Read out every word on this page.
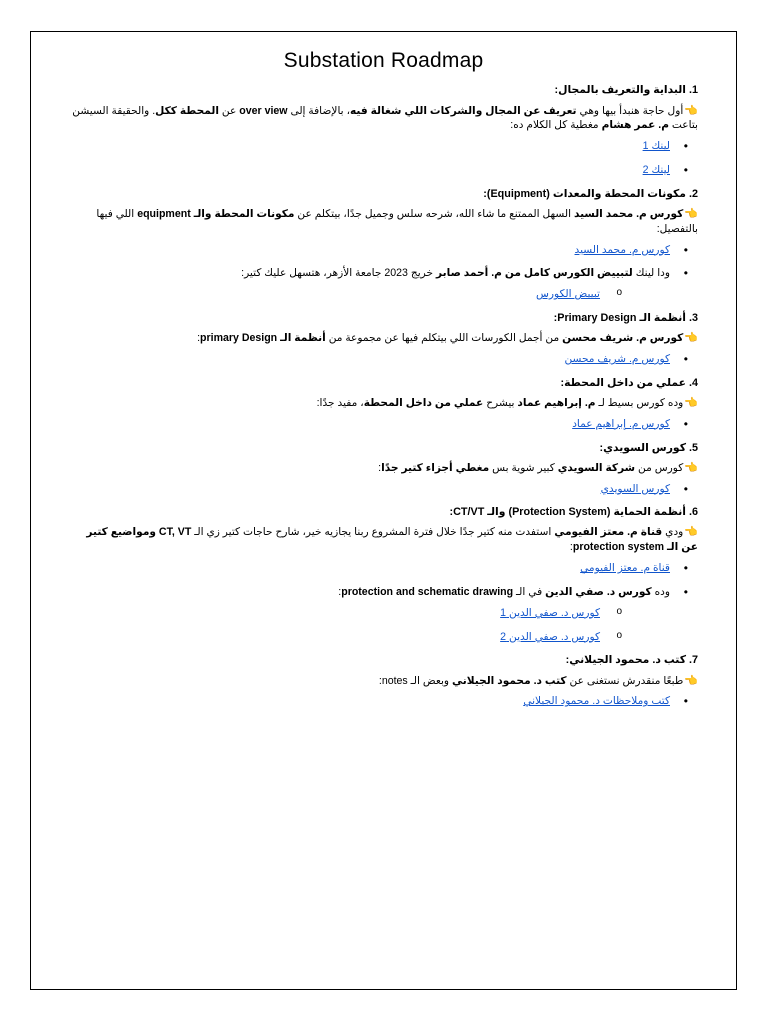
Substation Roadmap
1. البداية والتعريف بالمجال:

👈أول حاجة هنبدأ بيها وهي تعريف عن المجال والشركات اللي شغالة فيه، بالإضافة إلى over view عن المحطة ككل. والحقيقة السيشن بتاعت م. عمر هشام مغطية كل الكلام ده:

• لينك 1
• لينك 2
2. مكونات المحطة والمعدات (Equipment):

👈كورس م. محمد السيد السهل الممتنع ما شاء الله، شرحه سلس وجميل جدًا، بيتكلم عن مكونات المحطة والـ equipment اللي فيها بالتفصيل:

• كورس م. محمد السيد
• ودا لينك لتبييض الكورس كامل من م. أحمد صابر خريج 2023 جامعة الأزهر، هتسهل عليك كتير:
o تبييض الكورس
3. أنظمة الـ Primary Design:

👈كورس م. شريف محسن من أجمل الكورسات اللي بيتكلم فيها عن مجموعة من أنظمة الـ primary Design:

• كورس م. شريف محسن
4. عملي من داخل المحطة:

👈وده كورس بسيط لـ م. إبراهيم عماد بيشرح عملي من داخل المحطة، مفيد جدًا:

• كورس م. إبراهيم عماد
5. كورس السويدي:

👈كورس من شركة السويدي كبير شوية بس مغطي أجزاء كتير جدًا:

• كورس السويدي
6. أنظمة الحماية (Protection System) والـ CT/VT:

👈ودي قناة م. معتز الفيومي استفدت منه كتير جدًا خلال فترة المشروع ربنا يجازيه خير، شارح حاجات كتير زي الـ CT, VT ومواضيع كتير عن الـ protection system:

• قناة م. معتز الفيومي
• وده كورس د. صفي الدين في الـ protection and schematic drawing:
o كورس د. صفي الدين 1
o كورس د. صفي الدين 2
7. كتب د. محمود الجيلاني:

👈طبعًا منقدرش نستغنى عن كتب د. محمود الجيلاني وبعض الـ notes:

• كتب وملاحظات د. محمود الجيلاني
